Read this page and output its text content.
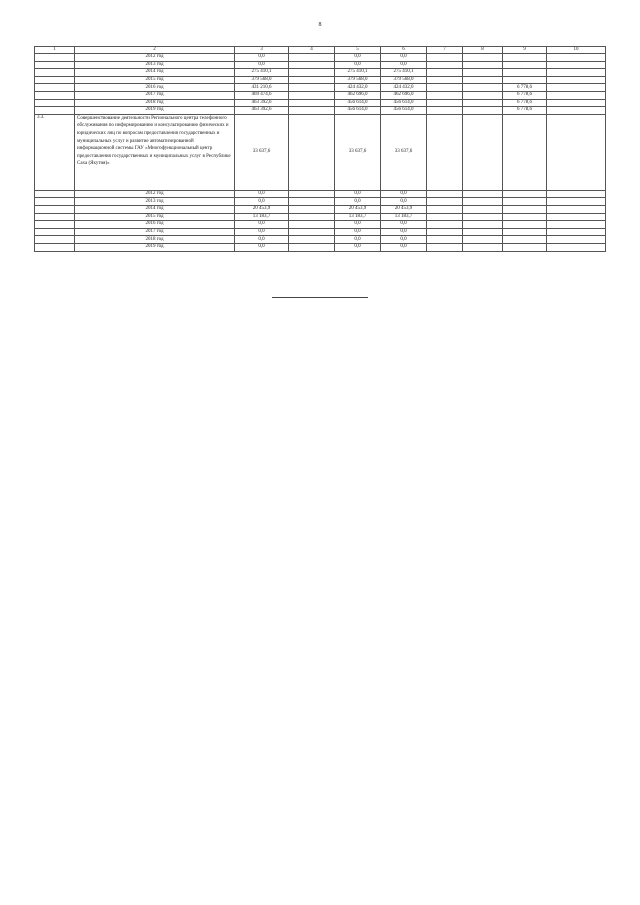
8
1	2	3	4	5	6	7	8	9	10
	2012 год	0,0		0,0	0,0				
	2013 год	0,0		0,0	0,0				
	2014 год	275 410,1		275 410,1	275 410,1				
	2015 год	379 568,0		379 568,0	379 568,0				
	2016 год	431 210,6		424 432,0	424 432,0			6 778,6	
	2017 год	469 474,6		462 696,0	462 696,0			6 778,6	
	2018 год	463 392,6		456 614,0	456 614,0			6 778,6	
	2019 год	463 392,6		456 614,0	456 614,0			6 778,6	
3.3.	Совершенствование деятельности Регионального центра телефонного обслуживания по информированию и консультированию физических и юридических лиц по вопросам предоставления государственных и муниципальных услуг и развитие автоматизированной информационной системы ГАУ «Многофункциональный центр предоставления государственных и муниципальных услуг в Республике Саха (Якутия)»	33 637,6		33 637,6	33 637,6				
	2012 год	0,0		0,0	0,0				
	2013 год	0,0		0,0	0,0				
	2014 год	20 453,9		20 453,9	20 453,9				
	2015 год	13 183,7		13 183,7	13 183,7				
	2016 год	0,0		0,0	0,0				
	2017 год	0,0		0,0	0,0				
	2018 год	0,0		0,0	0,0				
	2019 год	0,0		0,0	0,0				
